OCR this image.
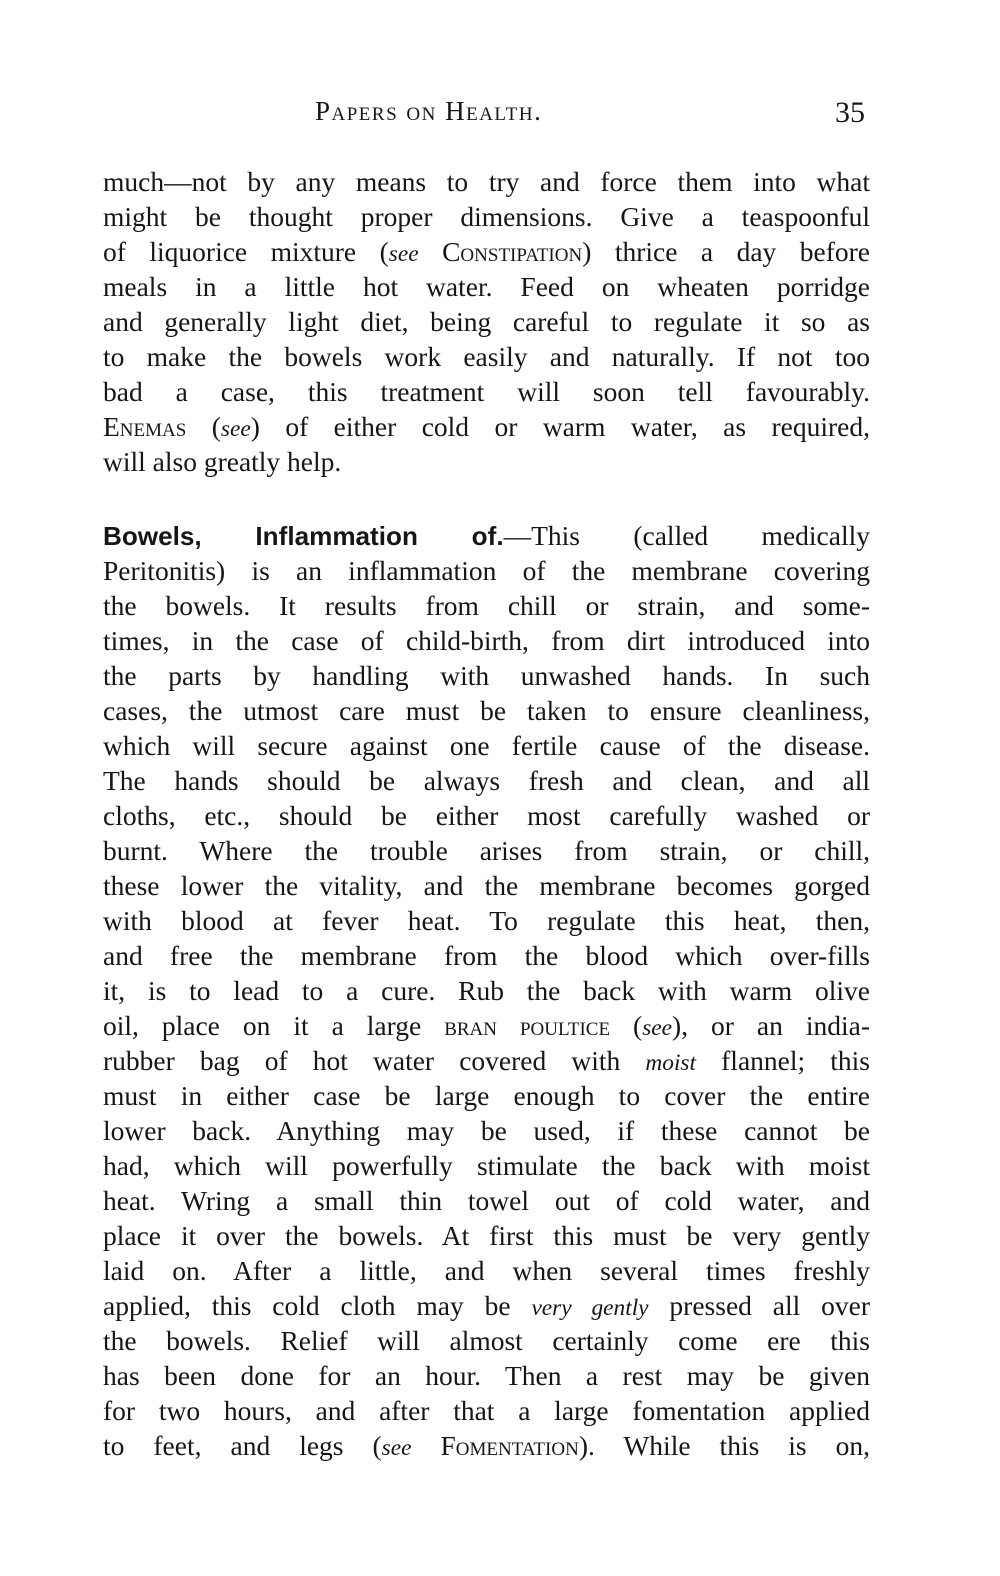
Papers on Health.	35
much—not by any means to try and force them into what
might be thought proper dimensions. Give a teaspoonful
of liquorice mixture (see Constipation) thrice a day before
meals in a little hot water. Feed on wheaten porridge
and generally light diet, being careful to regulate it so as
to make the bowels work easily and naturally. If not too
bad a case, this treatment will soon tell favourably.
Enemas (see) of either cold or warm water, as required,
will also greatly help.
Bowels, Inflammation of.—This (called medically
Peritonitis) is an inflammation of the membrane covering
the bowels. It results from chill or strain, and some-
times, in the case of child-birth, from dirt introduced into
the parts by handling with unwashed hands. In such
cases, the utmost care must be taken to ensure cleanliness,
which will secure against one fertile cause of the disease.
The hands should be always fresh and clean, and all
cloths, etc., should be either most carefully washed or
burnt. Where the trouble arises from strain, or chill,
these lower the vitality, and the membrane becomes gorged
with blood at fever heat. To regulate this heat, then,
and free the membrane from the blood which over-fills
it, is to lead to a cure. Rub the back with warm olive
oil, place on it a large bran poultice (see), or an india-
rubber bag of hot water covered with moist flannel; this
must in either case be large enough to cover the entire
lower back. Anything may be used, if these cannot be
had, which will powerfully stimulate the back with moist
heat. Wring a small thin towel out of cold water, and
place it over the bowels. At first this must be very gently
laid on. After a little, and when several times freshly
applied, this cold cloth may be very gently pressed all over
the bowels. Relief will almost certainly come ere this
has been done for an hour. Then a rest may be given
for two hours, and after that a large fomentation applied
to feet, and legs (see Fomentation). While this is on,
